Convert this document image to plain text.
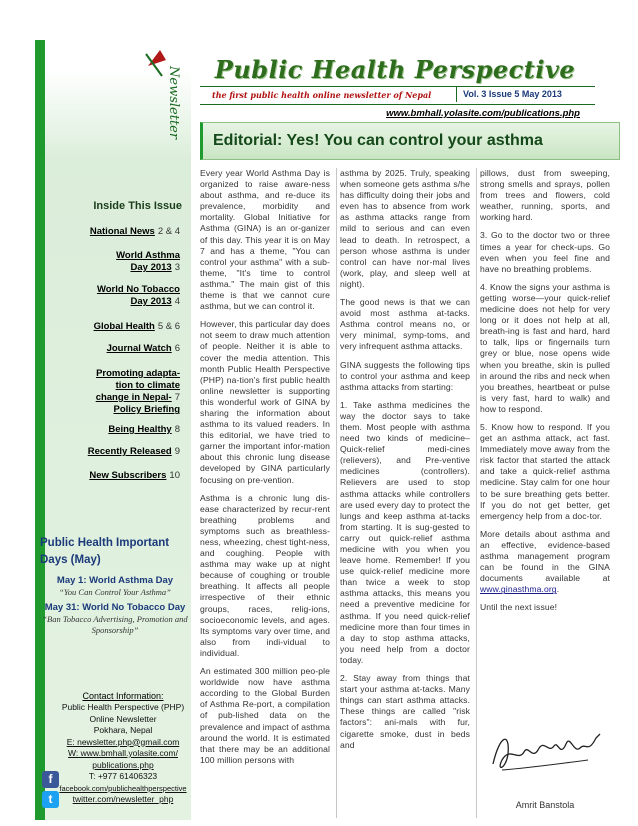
Newsletter
Inside This Issue
National News 2 & 4
World Asthma
Day 2013 3
World No Tobacco
Day 2013 4
Global Health 5 & 6
Journal Watch 6
Promoting adapta-
tion to climate
change in Nepal- 7
Policy Briefing
Being Healthy 8
Recently Released 9
New Subscribers 10
Public Health Important Days (May)
May 1: World Asthma Day
“You Can Control Your Asthma”
May 31: World No Tobacco Day
“Ban Tobacco Advertising, Promotion and Sponsorship”
Contact Information:
Public Health Perspective (PHP)
Online Newsletter
Pokhara, Nepal
E: newsletter.php@gmail.com
W: www.bmhall.yolasite.com/
publications.php
T: +977 61406323
facebook.com/publichealthperspective
twitter.com/newsletter_php
f
t
Public Health Perspective
the first public health online newsletter of Nepal	Vol. 3 Issue 5 May 2013
www.bmhall.yolasite.com/publications.php
Editorial: Yes! You can control your asthma

Every year World Asthma Day is organized to raise aware-ness about asthma, and re-duce its prevalence, morbidity and mortality. Global Initiative for Asthma (GINA) is an or-ganizer of this day. This year it is on May 7 and has a theme, "You can control your asthma" with a sub-theme, "It's time to control asthma." The main gist of this theme is that we cannot cure asthma, but we can control it.

However, this particular day does not seem to draw much attention of people. Neither it is able to cover the media attention. This month Public Health Perspective (PHP) na-tion's first public health online newsletter is supporting this wonderful work of GINA by sharing the information about asthma to its valued readers. In this editorial, we have tried to garner the important infor-mation about this chronic lung disease developed by GINA particularly focusing on pre-vention.

Asthma is a chronic lung dis-ease characterized by recur-rent breathing problems and symptoms such as breathless-ness, wheezing, chest tight-ness, and coughing. People with asthma may wake up at night because of coughing or trouble breathing. It affects all people irrespective of their ethnic groups, races, relig-ions, socioeconomic levels, and ages. Its symptoms vary over time, and also from indi-vidual to individual.

An estimated 300 million peo-ple worldwide now have asthma according to the Global Burden of Asthma Re-port, a compilation of pub-lished data on the prevalence and impact of asthma around the world. It is estimated that there may be an additional 100 million persons with

asthma by 2025. Truly, speaking when someone gets asthma s/he has difficulty doing their jobs and even has to absence from work as asthma attacks range from mild to serious and can even lead to death. In retrospect, a person whose asthma is under control can have nor-mal lives (work, play, and sleep well at night).

The good news is that we can avoid most asthma at-tacks. Asthma control means no, or very minimal, symp-toms, and very infrequent asthma attacks.

GINA suggests the following tips to control your asthma and keep asthma attacks from starting:

1. Take asthma medicines the way the doctor says to take them. Most people with asthma need two kinds of medicine– Quick-relief medi-cines (relievers), and Pre-ventive medicines (controllers). Relievers are used to stop asthma attacks while controllers are used every day to protect the lungs and keep asthma at-tacks from starting. It is sug-gested to carry out quick-relief asthma medicine with you when you leave home. Remember! If you use quick-relief medicine more than twice a week to stop asthma attacks, this means you need a preventive medicine for asthma. If you need quick-relief medicine more than four times in a day to stop asthma attacks, you need help from a doctor today.

2. Stay away from things that start your asthma at-tacks. Many things can start asthma attacks. These things are called "risk factors": ani-mals with fur, cigarette smoke, dust in beds and

pillows, dust from sweeping, strong smells and sprays, pollen from trees and flowers, cold weather, running, sports, and working hard.

3. Go to the doctor two or three times a year for check-ups. Go even when you feel fine and have no breathing problems.

4. Know the signs your asthma is getting worse—your quick-relief medicine does not help for very long or it does not help at all, breath-ing is fast and hard, hard to talk, lips or fingernails turn grey or blue, nose opens wide when you breathe, skin is pulled in around the ribs and neck when you breathes, heartbeat or pulse is very fast, hard to walk) and how to respond.

5. Know how to respond. If you get an asthma attack, act fast. Immediately move away from the risk factor that started the attack and take a quick-relief asthma medicine. Stay calm for one hour to be sure breathing gets better. If you do not get better, get emergency help from a doc-tor.

More details about asthma and an effective, evidence-based asthma management program can be found in the GINA documents available at www.ginasthma.org.

Until the next issue!

Amrit Banstola
